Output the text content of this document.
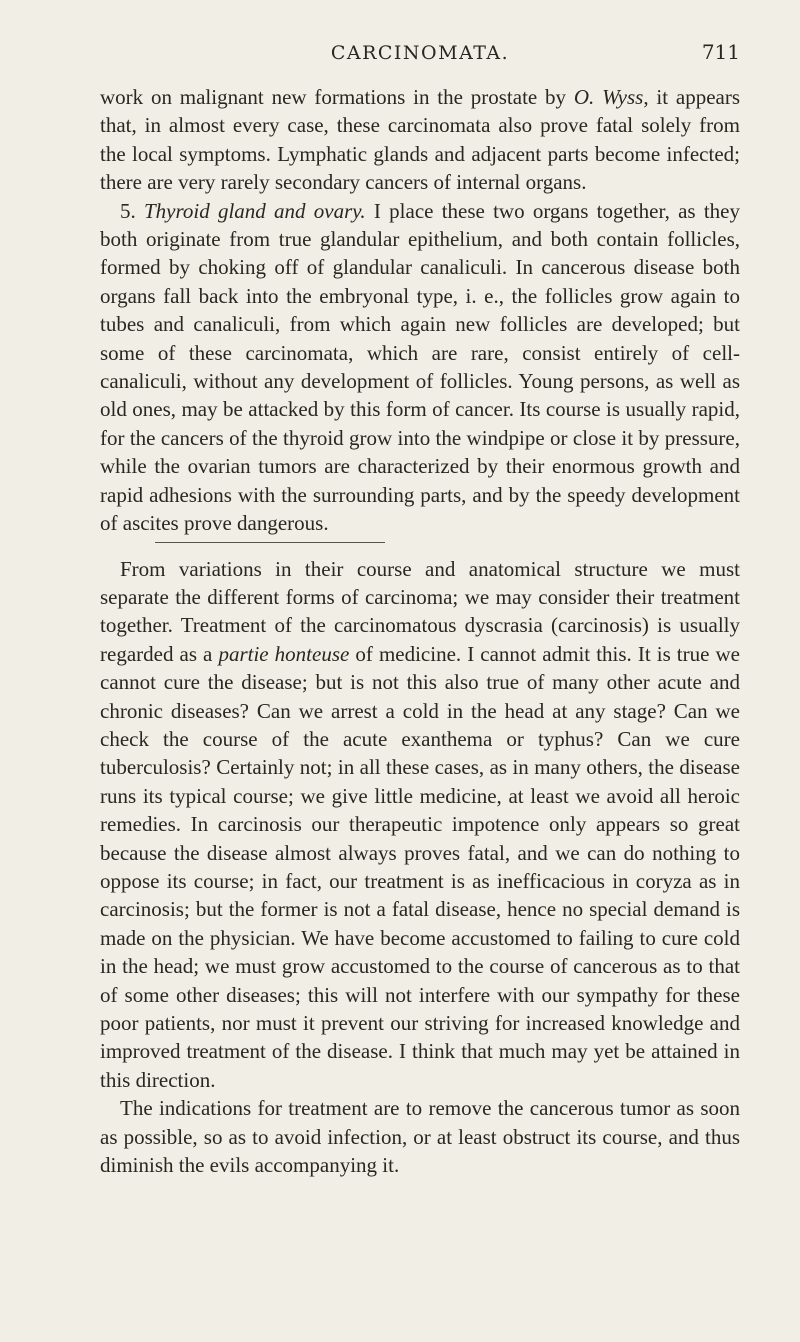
CARCINOMATA.	711

work on malignant new formations in the prostate by O. Wyss, it appears that, in almost every case, these carcinomata also prove fatal solely from the local symptoms. Lymphatic glands and adjacent parts become infected; there are very rarely secondary cancers of internal organs.

5. Thyroid gland and ovary. I place these two organs together, as they both originate from true glandular epithelium, and both contain follicles, formed by choking off of glandular canaliculi. In cancerous disease both organs fall back into the embryonal type, i. e., the follicles grow again to tubes and canaliculi, from which again new follicles are developed; but some of these carcinomata, which are rare, consist entirely of cell-canaliculi, without any development of follicles. Young persons, as well as old ones, may be attacked by this form of cancer. Its course is usually rapid, for the cancers of the thyroid grow into the windpipe or close it by pressure, while the ovarian tumors are characterized by their enormous growth and rapid adhesions with the surrounding parts, and by the speedy development of ascites prove dangerous.

From variations in their course and anatomical structure we must separate the different forms of carcinoma; we may consider their treatment together. Treatment of the carcinomatous dyscrasia (carcinosis) is usually regarded as a partie honteuse of medicine. I cannot admit this. It is true we cannot cure the disease; but is not this also true of many other acute and chronic diseases? Can we arrest a cold in the head at any stage? Can we check the course of the acute exanthema or typhus? Can we cure tuberculosis? Certainly not; in all these cases, as in many others, the disease runs its typical course; we give little medicine, at least we avoid all heroic remedies. In carcinosis our therapeutic impotence only appears so great because the disease almost always proves fatal, and we can do nothing to oppose its course; in fact, our treatment is as inefficacious in coryza as in carcinosis; but the former is not a fatal disease, hence no special demand is made on the physician. We have become accustomed to failing to cure cold in the head; we must grow accustomed to the course of cancerous as to that of some other diseases; this will not interfere with our sympathy for these poor patients, nor must it prevent our striving for increased knowledge and improved treatment of the disease. I think that much may yet be attained in this direction.

The indications for treatment are to remove the cancerous tumor as soon as possible, so as to avoid infection, or at least obstruct its course, and thus diminish the evils accompanying it.
